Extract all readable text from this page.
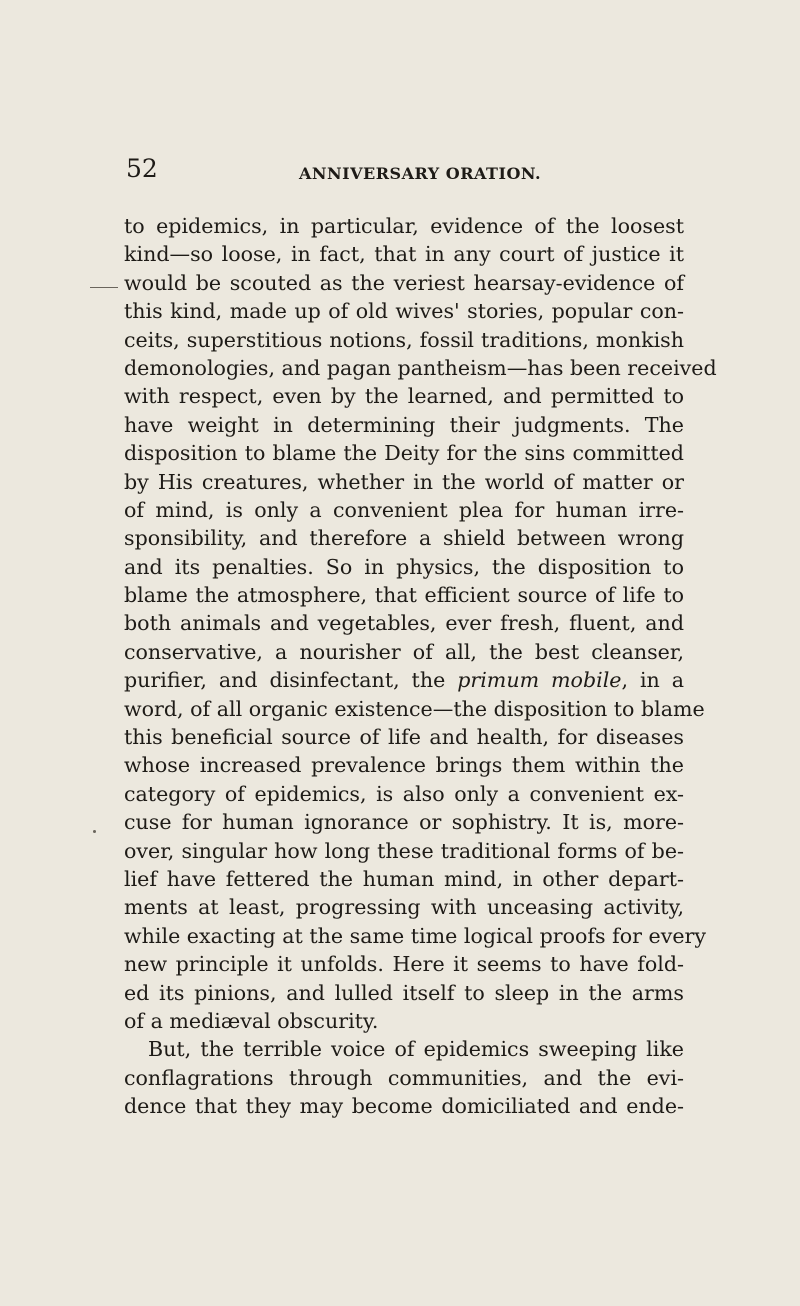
52	ANNIVERSARY ORATION.
to epidemics, in particular, evidence of the loosest
kind—so loose, in fact, that in any court of justice it
would be scouted as the veriest hearsay-evidence of
this kind, made up of old wives' stories, popular con-
ceits, superstitious notions, fossil traditions, monkish
demonologies, and pagan pantheism—has been received
with respect, even by the learned, and permitted to
have weight in determining their judgments. The
disposition to blame the Deity for the sins committed
by His creatures, whether in the world of matter or
of mind, is only a convenient plea for human irre-
sponsibility, and therefore a shield between wrong
and its penalties. So in physics, the disposition to
blame the atmosphere, that efficient source of life to
both animals and vegetables, ever fresh, fluent, and
conservative, a nourisher of all, the best cleanser,
purifier, and disinfectant, the primum mobile, in a
word, of all organic existence—the disposition to blame
this beneficial source of life and health, for diseases
whose increased prevalence brings them within the
category of epidemics, is also only a convenient ex-
cuse for human ignorance or sophistry. It is, more-
over, singular how long these traditional forms of be-
lief have fettered the human mind, in other depart-
ments at least, progressing with unceasing activity,
while exacting at the same time logical proofs for every
new principle it unfolds. Here it seems to have fold-
ed its pinions, and lulled itself to sleep in the arms
of a mediæval obscurity.
But, the terrible voice of epidemics sweeping like
conflagrations through communities, and the evi-
dence that they may become domiciliated and ende-
